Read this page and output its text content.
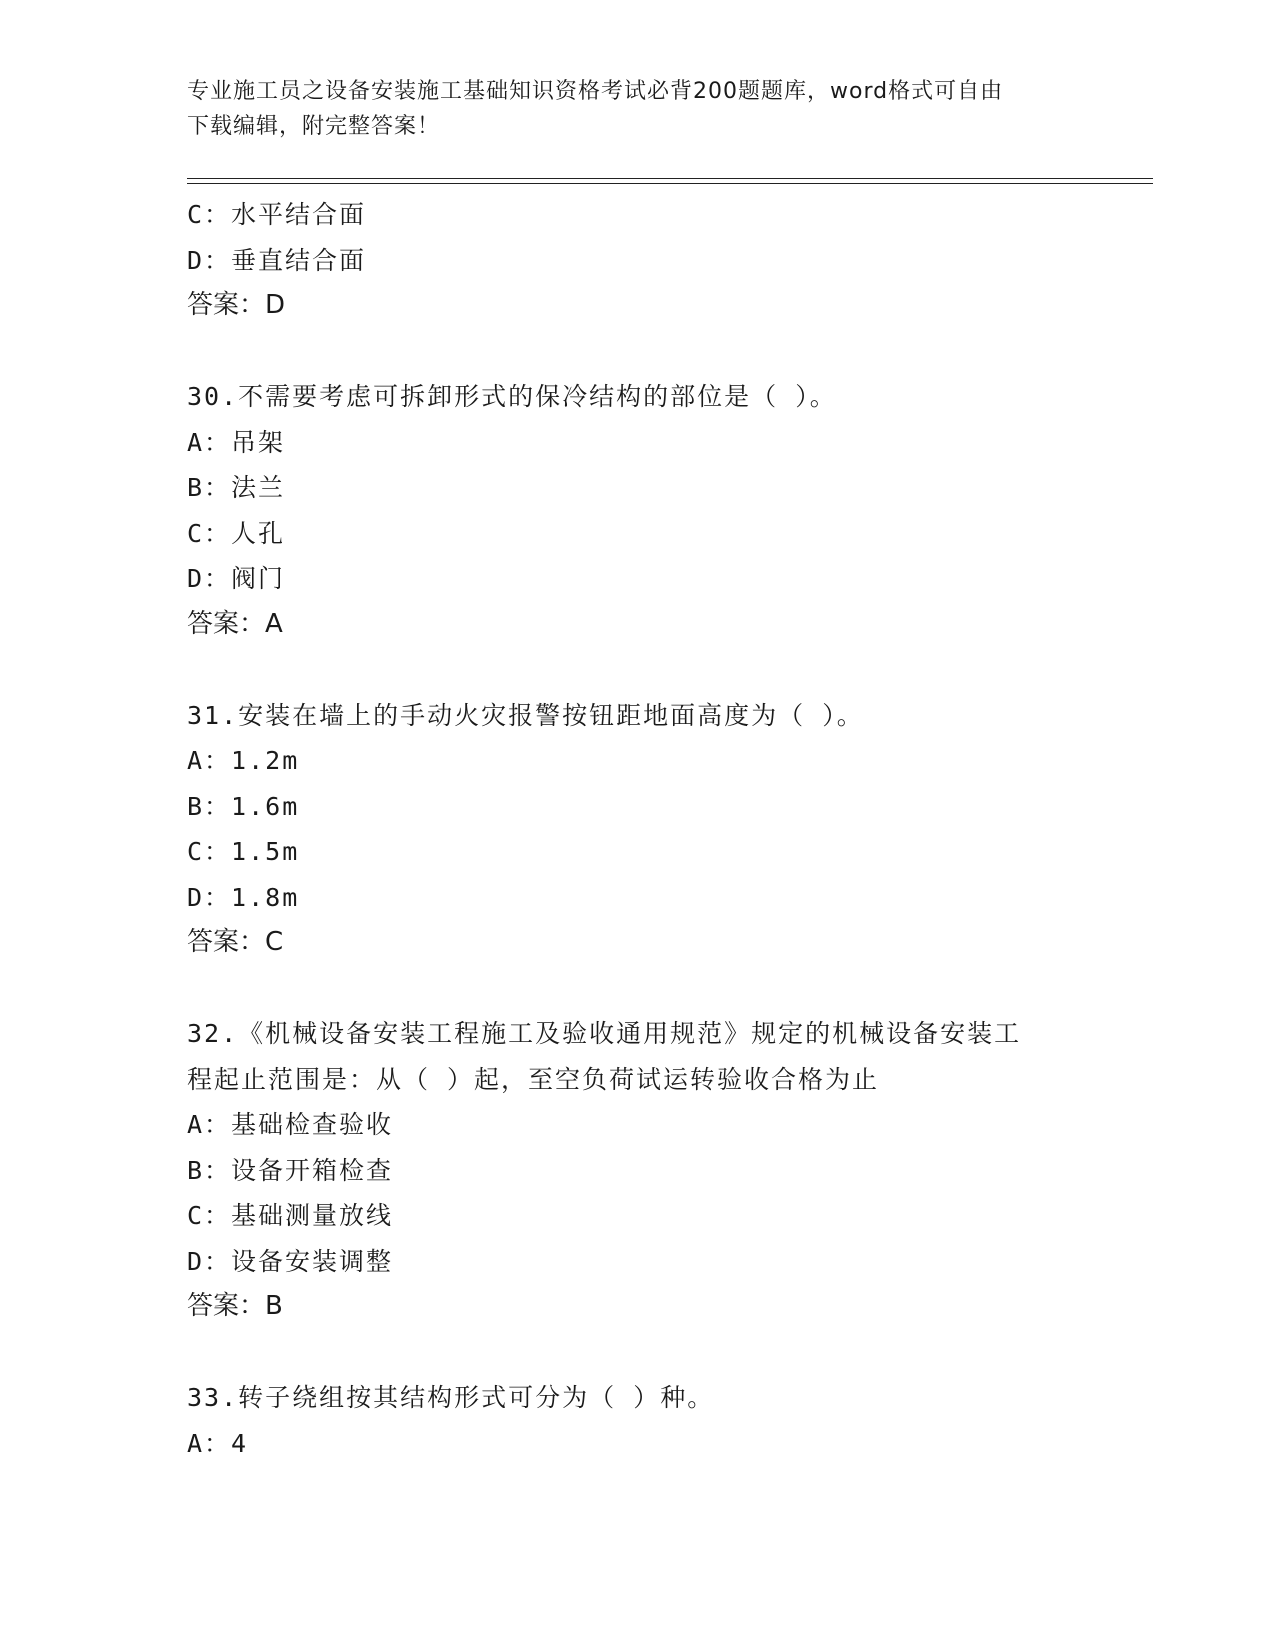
专业施工员之设备安装施工基础知识资格考试必背200题题库，word格式可自由
下载编辑，附完整答案！
C：水平结合面
D：垂直结合面
答案：D
30.不需要考虑可拆卸形式的保冷结构的部位是（ ）。
A：吊架
B：法兰
C：人孔
D：阀门
答案：A
31.安装在墙上的手动火灾报警按钮距地面高度为（ ）。
A：1.2m
B：1.6m
C：1.5m
D：1.8m
答案：C
32.《机械设备安装工程施工及验收通用规范》规定的机械设备安装工
程起止范围是：从（ ）起，至空负荷试运转验收合格为止
A：基础检查验收
B：设备开箱检查
C：基础测量放线
D：设备安装调整
答案：B
33.转子绕组按其结构形式可分为（ ）种。
A：4
